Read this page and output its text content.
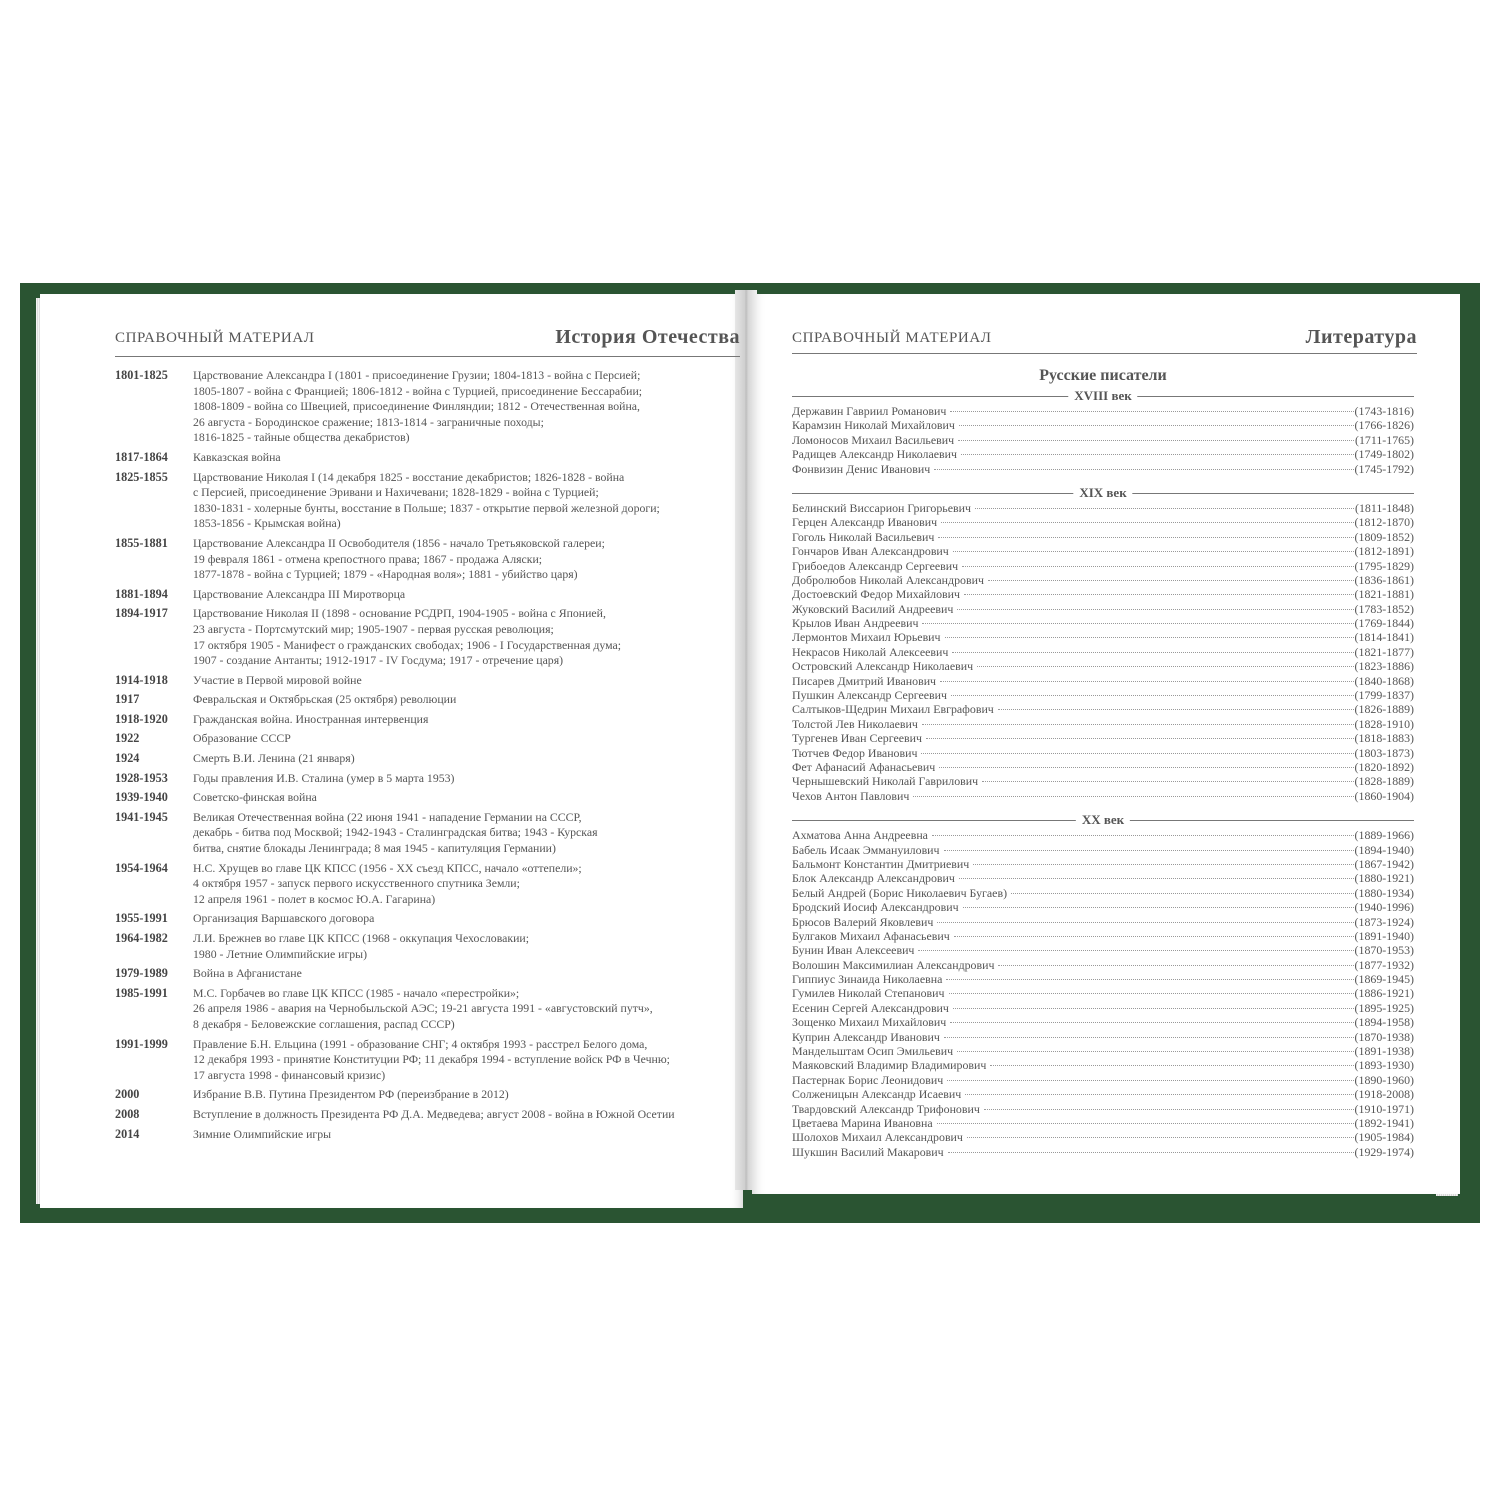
СПРАВОЧНЫЙ МАТЕРИАЛ	История Отечества	СПРАВОЧНЫЙ МАТЕРИАЛ	Литература
1801-1825	Царствование Александра I (1801 - присоединение Грузии; 1804-1813 - война с Персией;
1805-1807 - война с Францией; 1806-1812 - война с Турцией, присоединение Бессарабии;
1808-1809 - война со Швецией, присоединение Финляндии; 1812 - Отечественная война,
26 августа - Бородинское сражение; 1813-1814 - заграничные походы;
1816-1825 - тайные общества декабристов)
1817-1864	Кавказская война
1825-1855	Царствование Николая I (14 декабря 1825 - восстание декабристов; 1826-1828 - война
с Персией, присоединение Эривани и Нахичевани; 1828-1829 - война с Турцией;
1830-1831 - холерные бунты, восстание в Польше; 1837 - открытие первой железной дороги;
1853-1856 - Крымская война)
1855-1881	Царствование Александра II Освободителя (1856 - начало Третьяковской галереи;
19 февраля 1861 - отмена крепостного права; 1867 - продажа Аляски;
1877-1878 - война с Турцией; 1879 - «Народная воля»; 1881 - убийство царя)
1881-1894	Царствование Александра III Миротворца
1894-1917	Царствование Николая II (1898 - основание РСДРП, 1904-1905 - война с Японией,
23 августа - Портсмутский мир; 1905-1907 - первая русская революция;
17 октября 1905 - Манифест о гражданских свободах; 1906 - I Государственная дума;
1907 - создание Антанты; 1912-1917 - IV Госдума; 1917 - отречение царя)
1914-1918	Участие в Первой мировой войне
1917	Февральская и Октябрьская (25 октября) революции
1918-1920	Гражданская война. Иностранная интервенция
1922	Образование СССР
1924	Смерть В.И. Ленина (21 января)
1928-1953	Годы правления И.В. Сталина (умер в 5 марта 1953)
1939-1940	Советско-финская война
1941-1945	Великая Отечественная война (22 июня 1941 - нападение Германии на СССР,
декабрь - битва под Москвой; 1942-1943 - Сталинградская битва; 1943 - Курская
битва, снятие блокады Ленинграда; 8 мая 1945 - капитуляция Германии)
1954-1964	Н.С. Хрущев во главе ЦК КПСС (1956 - XX съезд КПСС, начало «оттепели»;
4 октября 1957 - запуск первого искусственного спутника Земли;
12 апреля 1961 - полет в космос Ю.А. Гагарина)
1955-1991	Организация Варшавского договора
1964-1982	Л.И. Брежнев во главе ЦК КПСС (1968 - оккупация Чехословакии;
1980 - Летние Олимпийские игры)
1979-1989	Война в Афганистане
1985-1991	М.С. Горбачев во главе ЦК КПСС (1985 - начало «перестройки»;
26 апреля 1986 - авария на Чернобыльской АЭС; 19-21 августа 1991 - «августовский путч»,
8 декабря - Беловежские соглашения, распад СССР)
1991-1999	Правление Б.Н. Ельцина (1991 - образование СНГ; 4 октября 1993 - расстрел Белого дома,
12 декабря 1993 - принятие Конституции РФ; 11 декабря 1994 - вступление войск РФ в Чечню;
17 августа 1998 - финансовый кризис)
2000	Избрание В.В. Путина Президентом РФ (переизбрание в 2012)
2008	Вступление в должность Президента РФ Д.А. Медведева; август 2008 - война в Южной Осетии
2014	Зимние Олимпийские игры
Русские писатели
XVIII век
Державин Гавриил Романович	(1743-1816)
Карамзин Николай Михайлович	(1766-1826)
Ломоносов Михаил Васильевич	(1711-1765)
Радищев Александр Николаевич	(1749-1802)
Фонвизин Денис Иванович	(1745-1792)
XIX век
Белинский Виссарион Григорьевич	(1811-1848)
Герцен Александр Иванович	(1812-1870)
Гоголь Николай Васильевич	(1809-1852)
Гончаров Иван Александрович	(1812-1891)
Грибоедов Александр Сергеевич	(1795-1829)
Добролюбов Николай Александрович	(1836-1861)
Достоевский Федор Михайлович	(1821-1881)
Жуковский Василий Андреевич	(1783-1852)
Крылов Иван Андреевич	(1769-1844)
Лермонтов Михаил Юрьевич	(1814-1841)
Некрасов Николай Алексеевич	(1821-1877)
Островский Александр Николаевич	(1823-1886)
Писарев Дмитрий Иванович	(1840-1868)
Пушкин Александр Сергеевич	(1799-1837)
Салтыков-Щедрин Михаил Евграфович	(1826-1889)
Толстой Лев Николаевич	(1828-1910)
Тургенев Иван Сергеевич	(1818-1883)
Тютчев Федор Иванович	(1803-1873)
Фет Афанасий Афанасьевич	(1820-1892)
Чернышевский Николай Гаврилович	(1828-1889)
Чехов Антон Павлович	(1860-1904)
XX век
Ахматова Анна Андреевна	(1889-1966)
Бабель Исаак Эммануилович	(1894-1940)
Бальмонт Константин Дмитриевич	(1867-1942)
Блок Александр Александрович	(1880-1921)
Белый Андрей (Борис Николаевич Бугаев)	(1880-1934)
Бродский Иосиф Александрович	(1940-1996)
Брюсов Валерий Яковлевич	(1873-1924)
Булгаков Михаил Афанасьевич	(1891-1940)
Бунин Иван Алексеевич	(1870-1953)
Волошин Максимилиан Александрович	(1877-1932)
Гиппиус Зинаида Николаевна	(1869-1945)
Гумилев Николай Степанович	(1886-1921)
Есенин Сергей Александрович	(1895-1925)
Зощенко Михаил Михайлович	(1894-1958)
Куприн Александр Иванович	(1870-1938)
Мандельштам Осип Эмильевич	(1891-1938)
Маяковский Владимир Владимирович	(1893-1930)
Пастернак Борис Леонидович	(1890-1960)
Солженицын Александр Исаевич	(1918-2008)
Твардовский Александр Трифонович	(1910-1971)
Цветаева Марина Ивановна	(1892-1941)
Шолохов Михаил Александрович	(1905-1984)
Шукшин Василий Макарович	(1929-1974)
